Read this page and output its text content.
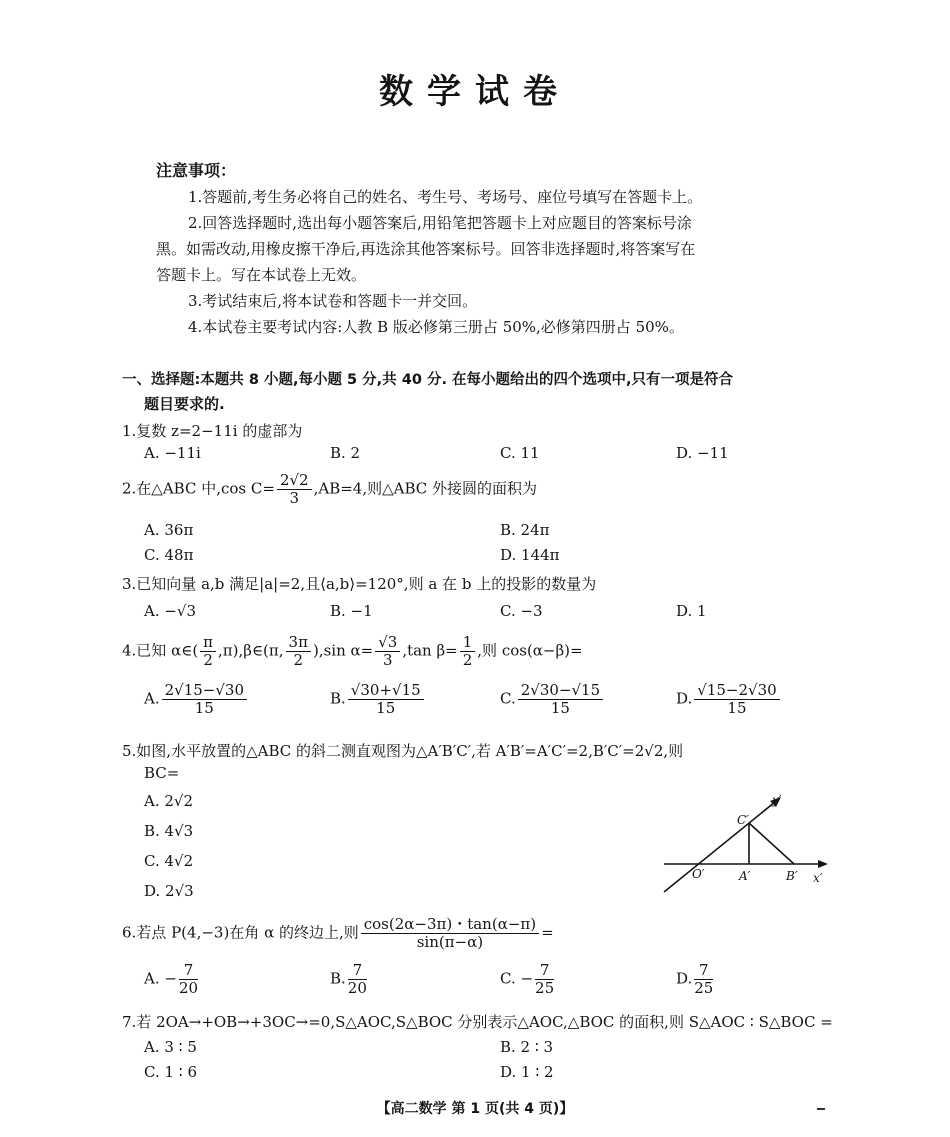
数学试卷
注意事项：
1.答题前,考生务必将自己的姓名、考生号、考场号、座位号填写在答题卡上。
2.回答选择题时,选出每小题答案后,用铅笔把答题卡上对应题目的答案标号涂
黑。如需改动,用橡皮擦干净后,再选涂其他答案标号。回答非选择题时,将答案写在
答题卡上。写在本试卷上无效。
3.考试结束后,将本试卷和答题卡一并交回。
4.本试卷主要考试内容:人教 B 版必修第三册占 50%,必修第四册占 50%。
一、选择题:本题共 8 小题,每小题 5 分,共 40 分. 在每小题给出的四个选项中,只有一项是符合
题目要求的.
1.复数 z=2−11i 的虚部为
A. −11i	B. 2	C. 11	D. −11
2.在△ABC 中,cos $C= \frac{2√2}{3} ,AB=4$,则△ABC 外接圆的面积为
A. 36π	B. 24π
C. 48π	D. 144π
3.已知向量 a,b 满足|a|=2,且⟨a,b⟩=120°,则 a 在 b 上的投影的数量为
A. −√3	B. −1	C. −3	D. 1
4.已知 α∈( $\frac{\pi}{2}$ ,π),β∈(π, $\frac{3\pi}{2} ),\sin$ $\alpha= \frac{√3}{3} ,\tan$ $\beta= \frac{1}{2}$ ,则 cos(α−β)=
A. $\frac{2√15-√30}{15}$	B. $\frac{√30+√15}{15}$	C. $\frac{2√30-√15}{15}$	D. $\frac{√15-2√30}{15}$
5.如图,水平放置的△ABC 的斜二测直观图为△A′B′C′,若 A′B′=A′C′=2,B′C′=2√2,则
BC=
A. 2√2
B. 4√3
C. 4√2
D. 2√3
y′
x′
O′	A′	B′
C′
6.若点 P(4,−3)在角 α 的终边上,则 $\frac{\cos(2\alpha-3\pi)・\tan(\alpha-\pi)}{\sin(\pi-\alpha)}$ =
A. − $\frac{7}{20}$	B. $\frac{7}{20}$	C. − $\frac{7}{25}$	D. $\frac{7}{25}$
7.若 2OA→+OB→+3OC→=0,S△AOC,S△BOC 分别表示△AOC,△BOC 的面积,则 S△AOC ∶ S△BOC =
A. 3 ∶ 5	B. 2 ∶ 3
C. 1 ∶ 6	D. 1 ∶ 2
【高二数学 第 1 页(共 4 页)】
